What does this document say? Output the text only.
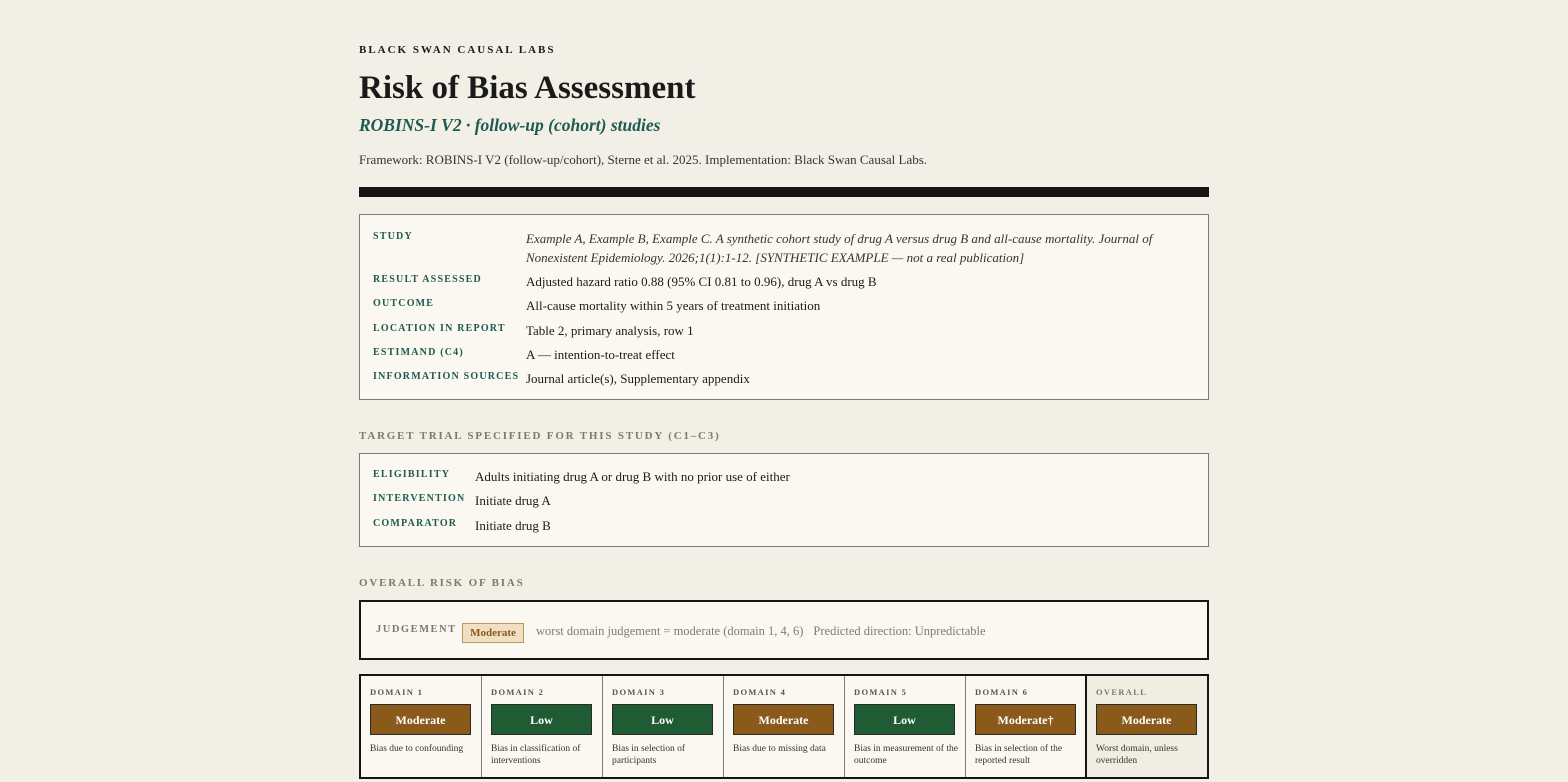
BLACK SWAN CAUSAL LABS
Risk of Bias Assessment
ROBINS-I V2 · follow-up (cohort) studies
Framework: ROBINS-I V2 (follow-up/cohort), Sterne et al. 2025. Implementation: Black Swan Causal Labs.
STUDY	Example A, Example B, Example C. A synthetic cohort study of drug A versus drug B and all-cause mortality. Journal of Nonexistent Epidemiology. 2026;1(1):1-12. [SYNTHETIC EXAMPLE — not a real publication]
RESULT ASSESSED	Adjusted hazard ratio 0.88 (95% CI 0.81 to 0.96), drug A vs drug B
OUTCOME	All-cause mortality within 5 years of treatment initiation
LOCATION IN REPORT	Table 2, primary analysis, row 1
ESTIMAND (C4)	A — intention-to-treat effect
INFORMATION SOURCES Journal article(s), Supplementary appendix
TARGET TRIAL SPECIFIED FOR THIS STUDY (C1–C3)
ELIGIBILITY	Adults initiating drug A or drug B with no prior use of either
INTERVENTION Initiate drug A
COMPARATOR	Initiate drug B
OVERALL RISK OF BIAS
JUDGEMENT	Moderate	worst domain judgement = moderate (domain 1, 4, 6) Predicted direction: Unpredictable
DOMAIN 1
Moderate
Bias due to confounding
DOMAIN 2
Low
Bias in classification of interventions
DOMAIN 3
Low
Bias in selection of participants
DOMAIN 4
Moderate
Bias due to missing data
DOMAIN 5
Low
Bias in measurement of the outcome
DOMAIN 6
Moderate†
Bias in selection of the reported result
OVERALL
Moderate
Worst domain, unless overridden
